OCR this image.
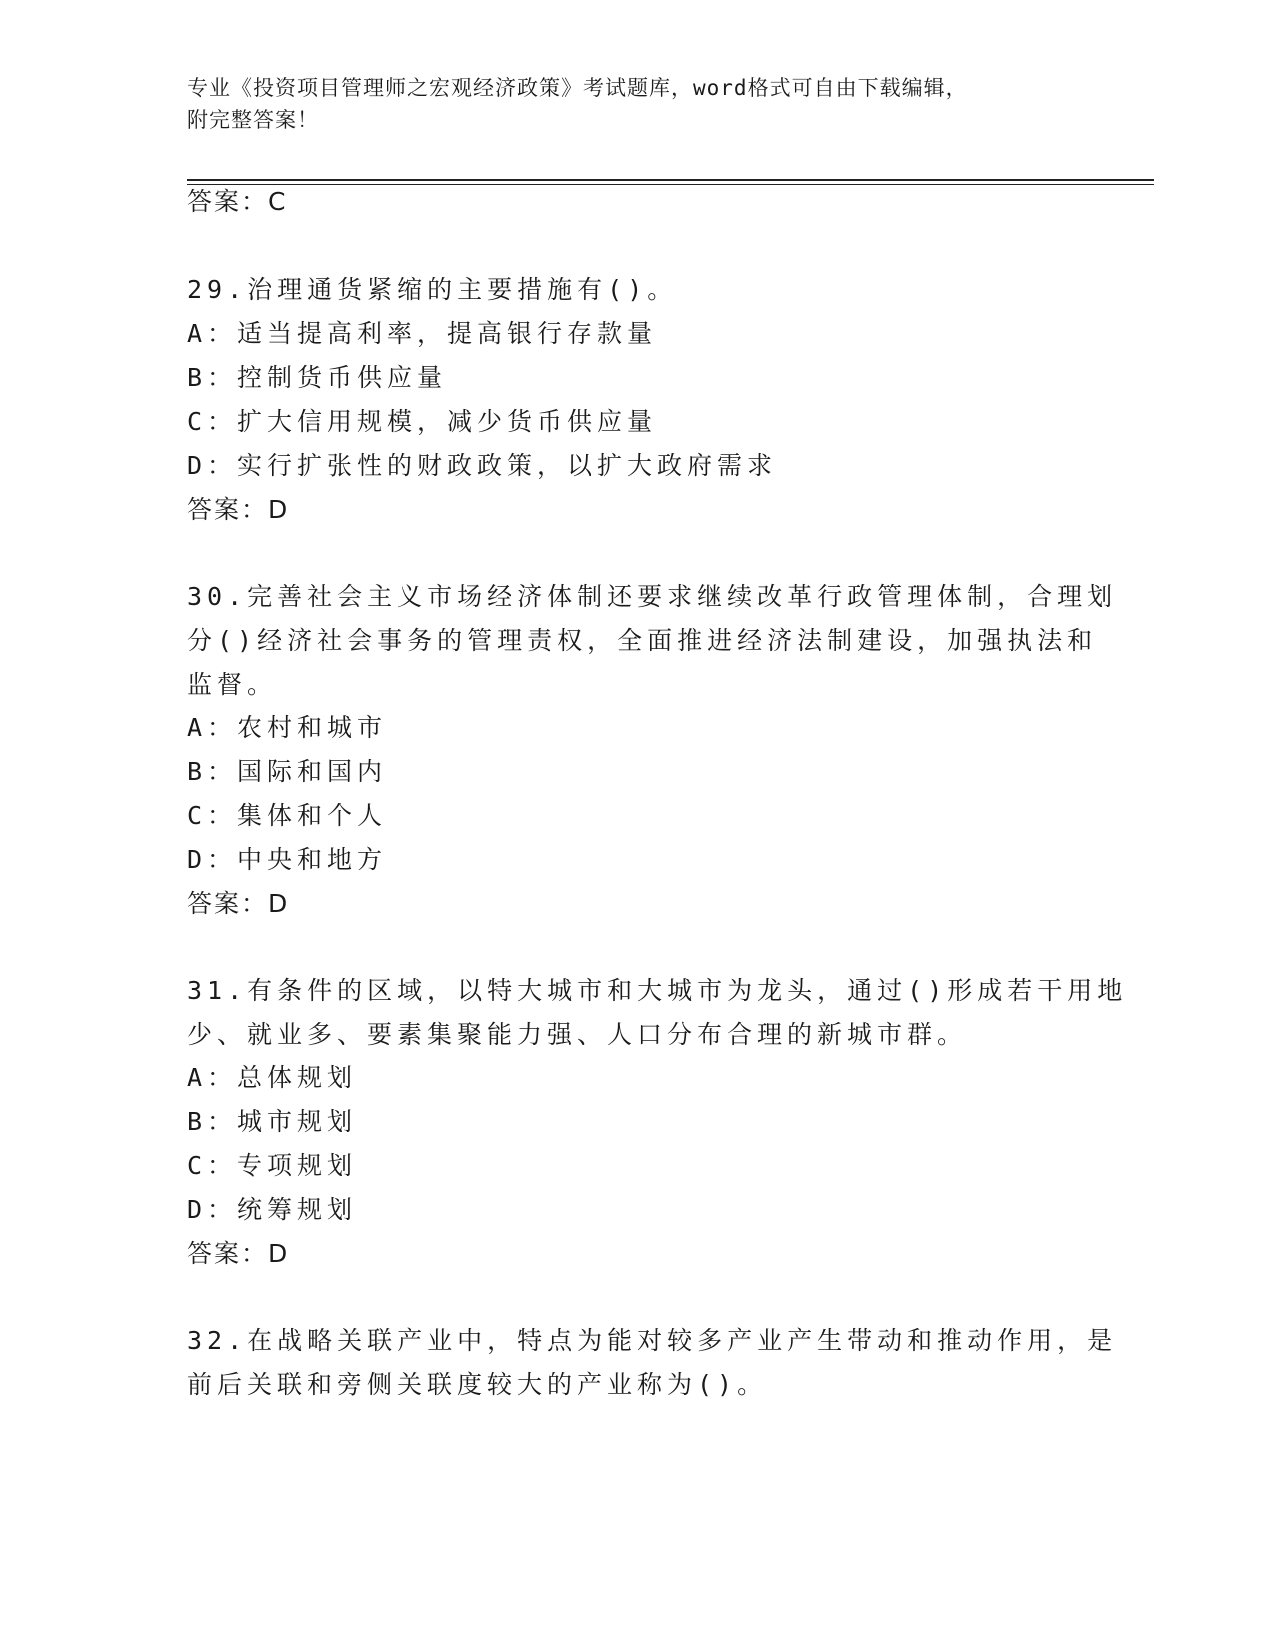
专业《投资项目管理师之宏观经济政策》考试题库，word格式可自由下载编辑，
附完整答案！
答案：C
29.治理通货紧缩的主要措施有()。
A：适当提高利率，提高银行存款量
B：控制货币供应量
C：扩大信用规模，减少货币供应量
D：实行扩张性的财政政策，以扩大政府需求
答案：D
30.完善社会主义市场经济体制还要求继续改革行政管理体制，合理划
分()经济社会事务的管理责权，全面推进经济法制建设，加强执法和
监督。
A：农村和城市
B：国际和国内
C：集体和个人
D：中央和地方
答案：D
31.有条件的区域，以特大城市和大城市为龙头，通过()形成若干用地
少、就业多、要素集聚能力强、人口分布合理的新城市群。
A：总体规划
B：城市规划
C：专项规划
D：统筹规划
答案：D
32.在战略关联产业中，特点为能对较多产业产生带动和推动作用，是
前后关联和旁侧关联度较大的产业称为()。
